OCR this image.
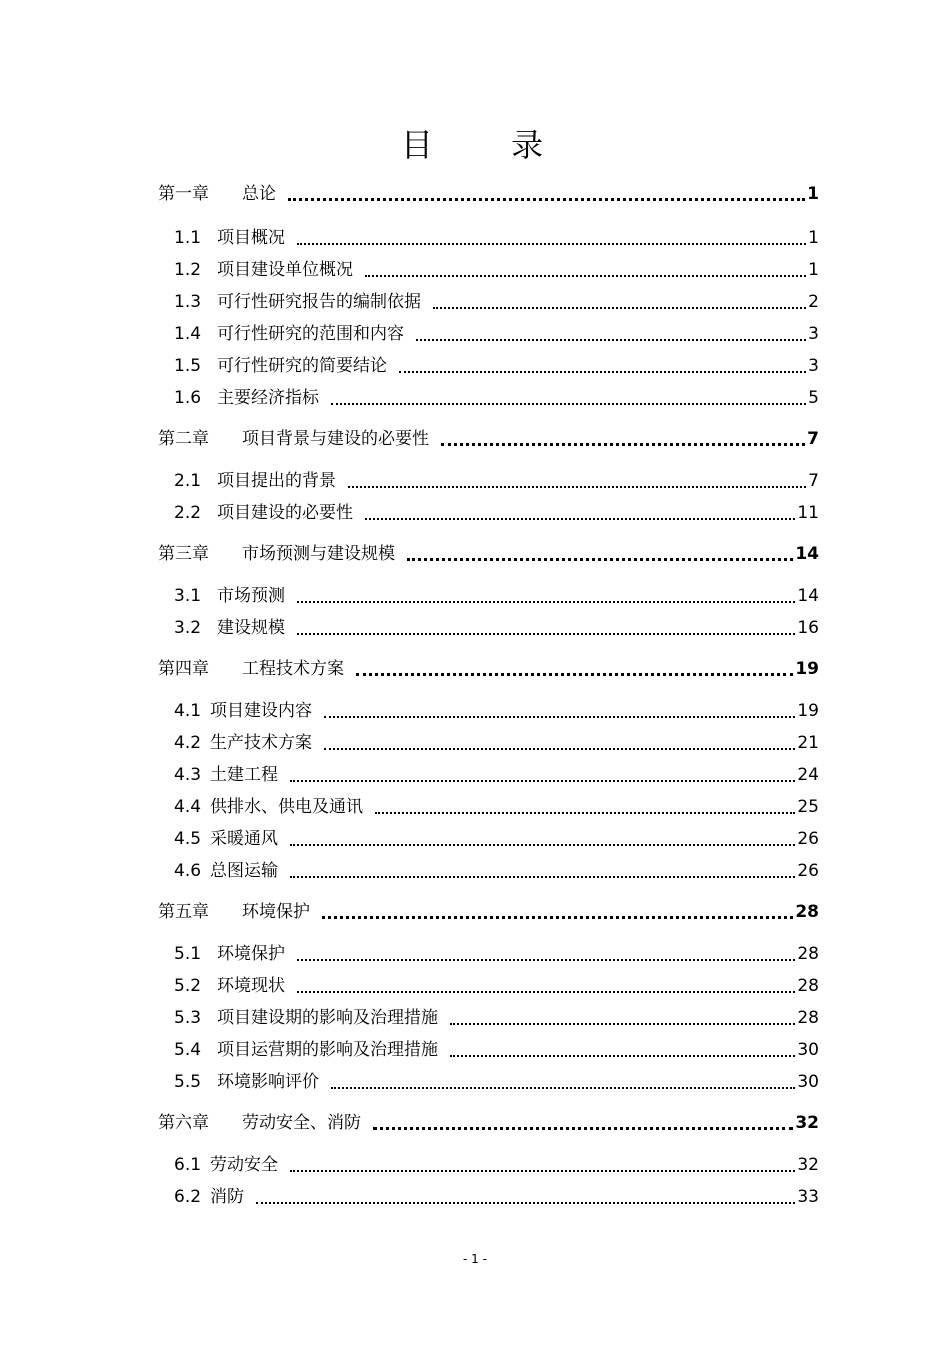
目 录
第一章	总论	1
1.1 项目概况	1
1.2 项目建设单位概况	1
1.3 可行性研究报告的编制依据	2
1.4 可行性研究的范围和内容	3
1.5 可行性研究的简要结论	3
1.6 主要经济指标	5
第二章	项目背景与建设的必要性	7
2.1 项目提出的背景	7
2.2 项目建设的必要性	11
第三章	市场预测与建设规模	14
3.1 市场预测	14
3.2 建设规模	16
第四章	工程技术方案	19
4.1 项目建设内容	19
4.2 生产技术方案	21
4.3 土建工程	24
4.4 供排水、供电及通讯	25
4.5 采暖通风	26
4.6 总图运输	26
第五章	环境保护	28
5.1 环境保护	28
5.2 环境现状	28
5.3 项目建设期的影响及治理措施	28
5.4 项目运营期的影响及治理措施	30
5.5 环境影响评价	30
第六章	劳动安全、消防	32
6.1 劳动安全	32
6.2 消防	33
- 1 -
